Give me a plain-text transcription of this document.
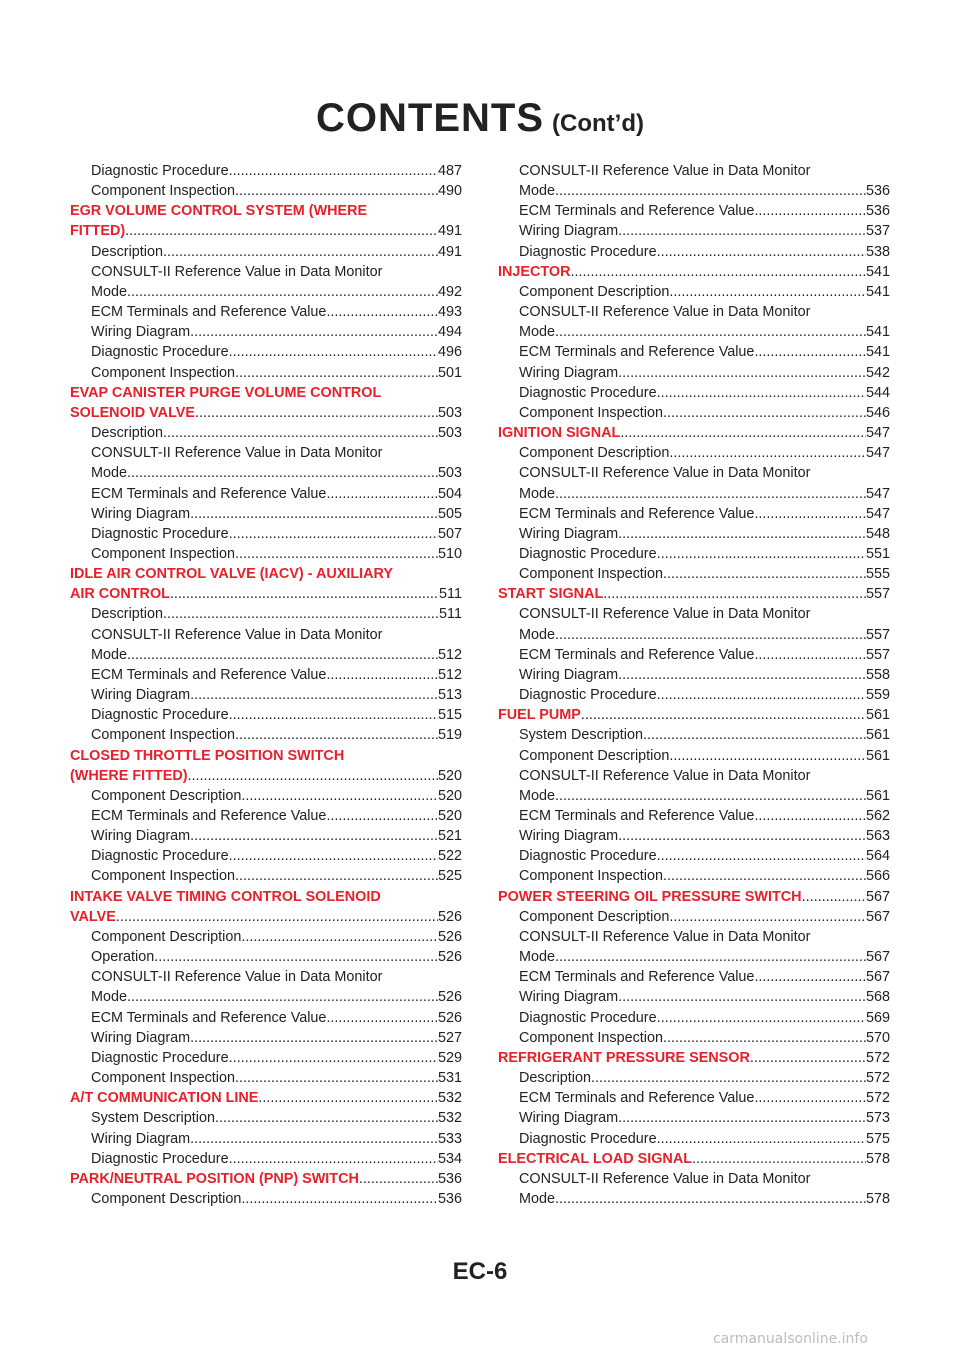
CONTENTS (Cont’d)
Diagnostic Procedure .....	487
Component Inspection .....	490
EGR VOLUME CONTROL SYSTEM (WHERE
FITTED) .....	491
Description .....	491
CONSULT-II Reference Value in Data Monitor
Mode .....	492
ECM Terminals and Reference Value .....	493
Wiring Diagram .....	494
Diagnostic Procedure .....	496
Component Inspection .....	501
EVAP CANISTER PURGE VOLUME CONTROL
SOLENOID VALVE .....	503
Description .....	503
CONSULT-II Reference Value in Data Monitor
Mode .....	503
ECM Terminals and Reference Value .....	504
Wiring Diagram .....	505
Diagnostic Procedure .....	507
Component Inspection .....	510
IDLE AIR CONTROL VALVE (IACV) - AUXILIARY
AIR CONTROL .....	511
Description .....	511
CONSULT-II Reference Value in Data Monitor
Mode .....	512
ECM Terminals and Reference Value .....	512
Wiring Diagram .....	513
Diagnostic Procedure .....	515
Component Inspection .....	519
CLOSED THROTTLE POSITION SWITCH
(WHERE FITTED) .....	520
Component Description .....	520
ECM Terminals and Reference Value .....	520
Wiring Diagram .....	521
Diagnostic Procedure .....	522
Component Inspection .....	525
INTAKE VALVE TIMING CONTROL SOLENOID
VALVE .....	526
Component Description .....	526
Operation .....	526
CONSULT-II Reference Value in Data Monitor
Mode .....	526
ECM Terminals and Reference Value .....	526
Wiring Diagram .....	527
Diagnostic Procedure .....	529
Component Inspection .....	531
A/T COMMUNICATION LINE .....	532
System Description .....	532
Wiring Diagram .....	533
Diagnostic Procedure .....	534
PARK/NEUTRAL POSITION (PNP) SWITCH .....	536
Component Description .....	536
CONSULT-II Reference Value in Data Monitor
Mode .....	536
ECM Terminals and Reference Value .....	536
Wiring Diagram .....	537
Diagnostic Procedure .....	538
INJECTOR .....	541
Component Description .....	541
CONSULT-II Reference Value in Data Monitor
Mode .....	541
ECM Terminals and Reference Value .....	541
Wiring Diagram .....	542
Diagnostic Procedure .....	544
Component Inspection .....	546
IGNITION SIGNAL .....	547
Component Description .....	547
CONSULT-II Reference Value in Data Monitor
Mode .....	547
ECM Terminals and Reference Value .....	547
Wiring Diagram .....	548
Diagnostic Procedure .....	551
Component Inspection .....	555
START SIGNAL .....	557
CONSULT-II Reference Value in Data Monitor
Mode .....	557
ECM Terminals and Reference Value .....	557
Wiring Diagram .....	558
Diagnostic Procedure .....	559
FUEL PUMP .....	561
System Description .....	561
Component Description .....	561
CONSULT-II Reference Value in Data Monitor
Mode .....	561
ECM Terminals and Reference Value .....	562
Wiring Diagram .....	563
Diagnostic Procedure .....	564
Component Inspection .....	566
POWER STEERING OIL PRESSURE SWITCH .....	567
Component Description .....	567
CONSULT-II Reference Value in Data Monitor
Mode .....	567
ECM Terminals and Reference Value .....	567
Wiring Diagram .....	568
Diagnostic Procedure .....	569
Component Inspection .....	570
REFRIGERANT PRESSURE SENSOR .....	572
Description .....	572
ECM Terminals and Reference Value .....	572
Wiring Diagram .....	573
Diagnostic Procedure .....	575
ELECTRICAL LOAD SIGNAL .....	578
CONSULT-II Reference Value in Data Monitor
Mode .....	578
EC-6
carmanualsonline.info
